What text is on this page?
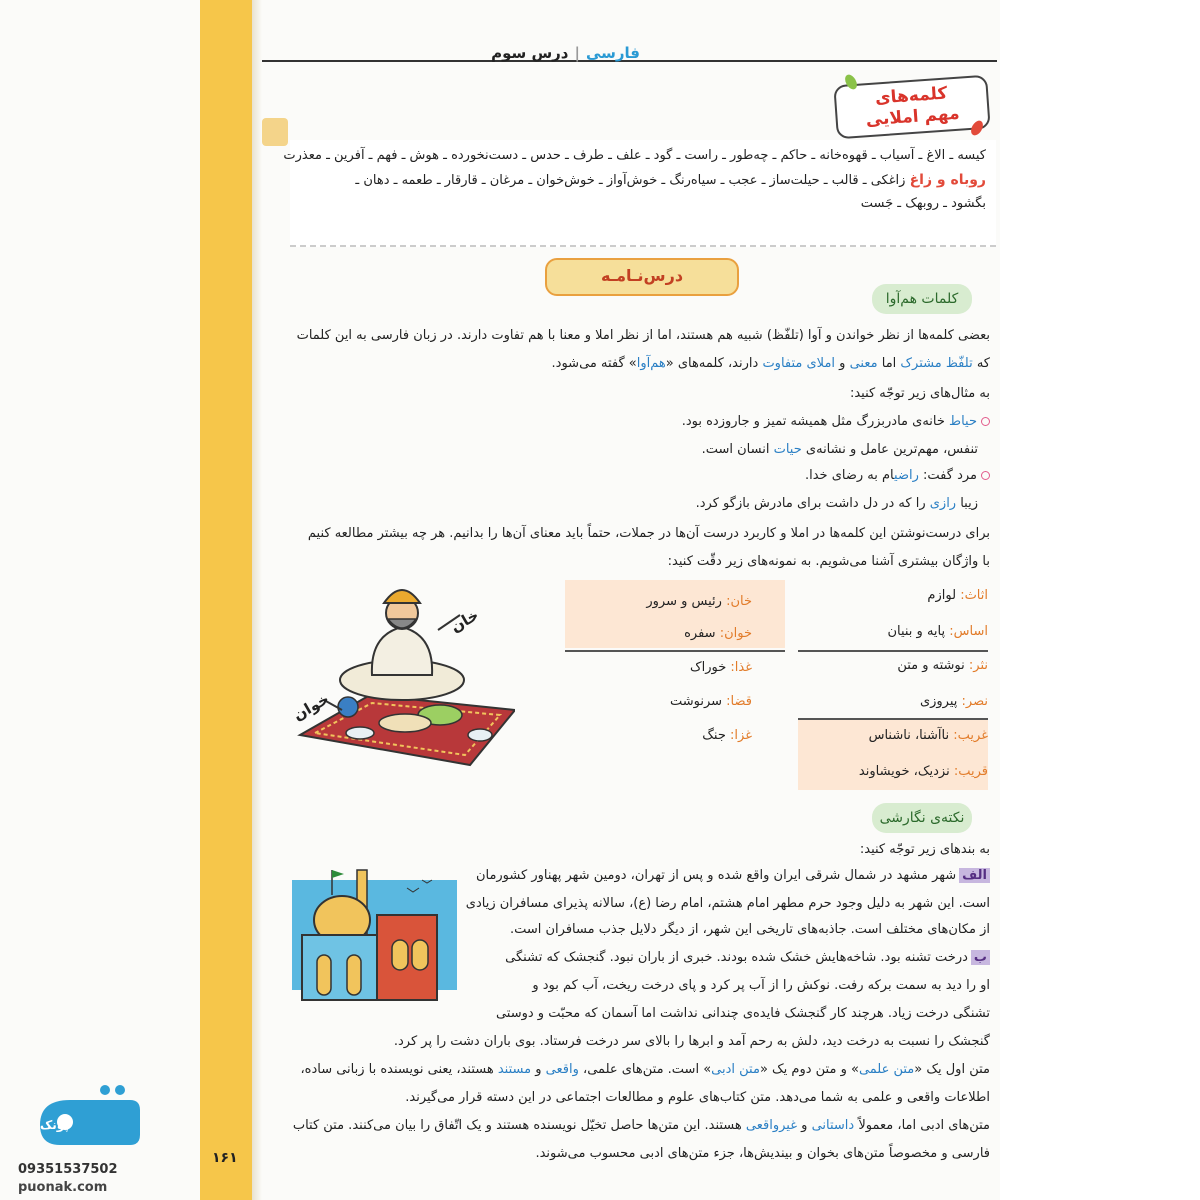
فارسی|درس سوم

کیسه ـ الاغ ـ آسیاب ـ قهوه‌خانه ـ حاکم ـ چه‌طور ـ راست ـ گود ـ علف ـ طرف ـ حدس ـ دست‌نخورده ـ هوش ـ فهم ـ آفرین ـ معذرت

روباه و زاغ زاغکی ـ قالب ـ حیلت‌ساز ـ عجب ـ سیاه‌رنگ ـ خوش‌آواز ـ خوش‌خوان ـ مرغان ـ قارقار ـ طعمه ـ دهان ـ

بگشود ـ روبهک ـ جَست

کلمه‌های
مهم املایی
درس‌نـامـه
کلمات هم‌آوا
بعضی کلمه‌ها از نظر خواندن و آوا (تلفّظ) شبیه هم هستند، اما از نظر املا و معنا با هم تفاوت دارند. در زبان فارسی به این کلمات
که تلفّظ مشترک اما معنی و املای متفاوت دارند، کلمه‌های «هم‌آوا» گفته می‌شود.
به مثال‌های زیر توجّه کنید:
حیاط خانه‌ی مادربزرگ مثل همیشه تمیز و جاروزده بود.
تنفس، مهم‌ترین عامل و نشانه‌ی حیات انسان است.
مرد گفت: راضیام به رضای خدا.
زیبا رازی را که در دل داشت برای مادرش بازگو کرد.
برای درست‌نوشتن این کلمه‌ها در املا و کاربرد درست آن‌ها در جملات، حتماً باید معنای آن‌ها را بدانیم. هر چه بیشتر مطالعه کنیم
با واژگان بیشتری آشنا می‌شویم. به نمونه‌های زیر دقّت کنید:
اثاث: لوازم
اساس: پایه و بنیان
نثر: نوشته و متن
نصر: پیروزی
غریب: ناآشنا، ناشناس
قریب: نزدیک، خویشاوند
خان: رئیس و سرور
خوان: سفره
غذا: خوراک
قضا: سرنوشت
غزا: جنگ
خان
خوان
نکته‌ی نگارشی
به بندهای زیر توجّه کنید:
الفشهر مشهد در شمال شرقی ایران واقع شده و پس از تهران، دومین شهر پهناور کشورمان
است. این شهر به دلیل وجود حرم مطهر امام هشتم، امام رضا (ع)، سالانه پذیرای مسافران زیادی
از مکان‌های مختلف است. جاذبه‌های تاریخی این شهر، از دیگر دلایل جذب مسافران است.
بدرخت تشنه بود. شاخه‌هایش خشک شده بودند. خبری از باران نبود. گنجشک که تشنگی
او را دید به سمت برکه رفت. نوکش را از آب پر کرد و پای درخت ریخت، آب کم بود و
تشنگی درخت زیاد. هرچند کار گنجشک فایده‌ی چندانی نداشت اما آسمان که محبّت و دوستی
گنجشک را نسبت به درخت دید، دلش به رحم آمد و ابرها را بالای سر درخت فرستاد. بوی باران دشت را پر کرد.
متن اول یک «متن علمی» و متن دوم یک «متن ادبی» است. متن‌های علمی، واقعی و مستند هستند، یعنی نویسنده با زبانی ساده،
اطلاعات واقعی و علمی به شما می‌دهد. متن کتاب‌های علوم و مطالعات اجتماعی در این دسته قرار می‌گیرند.
متن‌های ادبی اما، معمولاً داستانی و غیرواقعی هستند. این متن‌ها حاصل تخیّل نویسنده هستند و یک اتّفاق را بیان می‌کنند. متن کتاب
فارسی و مخصوصاً متن‌های بخوان و بیندیش‌ها، جزء متن‌های ادبی محسوب می‌شوند.
۱۶۱
پونک
09351537502
puonak.com
